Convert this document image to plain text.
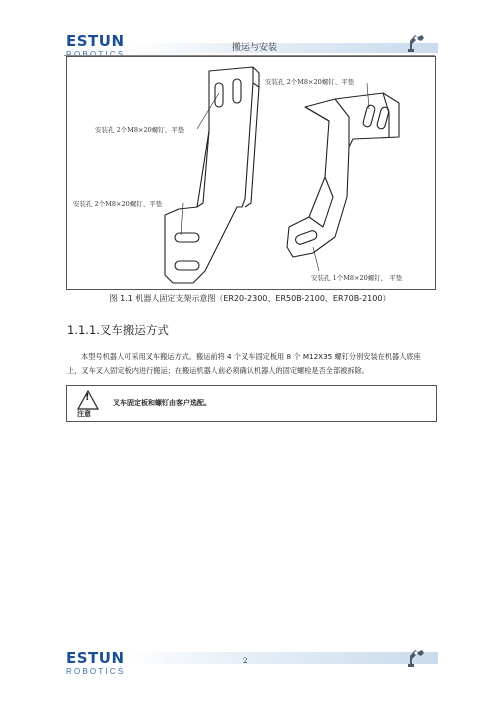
ESTUN	搬运与安装
安装孔 2个M8×20螺钉、平垫
安装孔 2个M8×20螺钉、平垫
安装孔 2个M8×20螺钉、平垫
安装孔 1个M8×20螺钉， 平垫
图 1.1 机器人固定支架示意图（ER20-2300、ER50B-2100、ER70B-2100）
1.1.1.叉车搬运方式

本型号机器人可采用叉车搬运方式。搬运前将 4 个叉车固定板用 8 个 M12X35 螺钉分别安装在机器人底座上，叉车叉入固定板内进行搬运；在搬运机器人前必须确认机器人的固定螺栓是否全部被拆除。

!
注意
叉车固定板和螺钉由客户选配。
ESTUN
ROBOTICS
2
